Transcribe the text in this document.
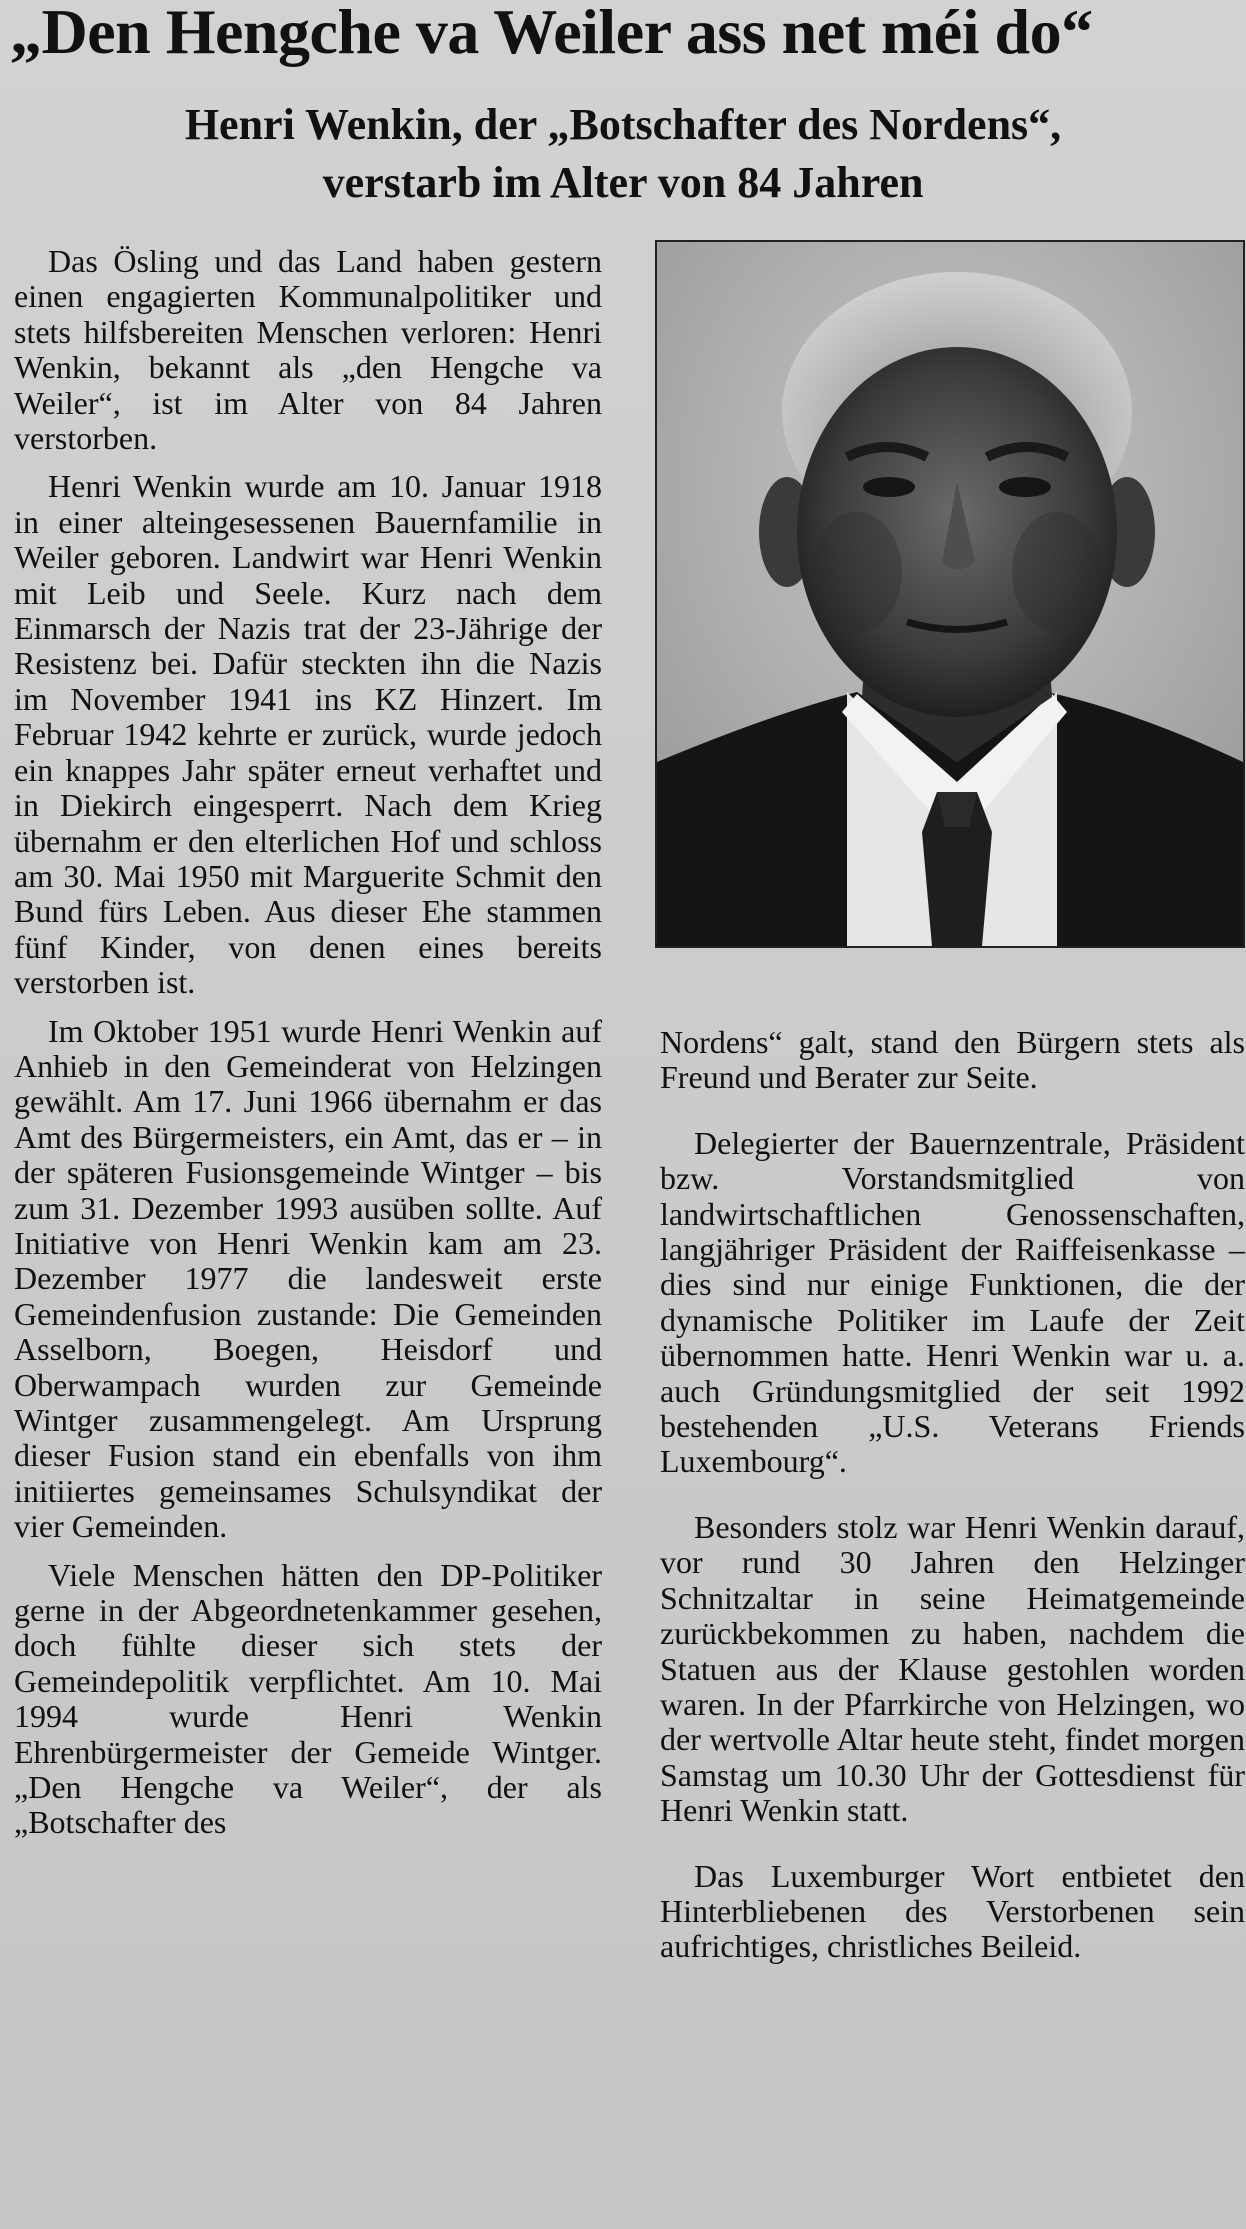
„Den Hengche va Weiler ass net méi do“
Henri Wenkin, der „Botschafter des Nordens“,
verstarb im Alter von 84 Jahren

Das Ösling und das Land haben gestern einen engagierten Kommunalpolitiker und stets hilfsbereiten Menschen verloren: Henri Wenkin, bekannt als „den Hengche va Weiler“, ist im Alter von 84 Jahren verstorben.

Henri Wenkin wurde am 10. Januar 1918 in einer alteingesessenen Bauernfamilie in Weiler geboren. Landwirt war Henri Wenkin mit Leib und Seele. Kurz nach dem Einmarsch der Nazis trat der 23-Jährige der Resistenz bei. Dafür steckten ihn die Nazis im November 1941 ins KZ Hinzert. Im Februar 1942 kehrte er zurück, wurde jedoch ein knappes Jahr später erneut verhaftet und in Diekirch eingesperrt. Nach dem Krieg übernahm er den elterlichen Hof und schloss am 30. Mai 1950 mit Marguerite Schmit den Bund fürs Leben. Aus dieser Ehe stammen fünf Kinder, von denen eines bereits verstorben ist.

Im Oktober 1951 wurde Henri Wenkin auf Anhieb in den Gemeinderat von Helzingen gewählt. Am 17. Juni 1966 übernahm er das Amt des Bürgermeisters, ein Amt, das er – in der späteren Fusionsgemeinde Wintger – bis zum 31. Dezember 1993 ausüben sollte. Auf Initiative von Henri Wenkin kam am 23. Dezember 1977 die landesweit erste Gemeindenfusion zustande: Die Gemeinden Asselborn, Boegen, Heisdorf und Oberwampach wurden zur Gemeinde Wintger zusammengelegt. Am Ursprung dieser Fusion stand ein ebenfalls von ihm initiiertes gemeinsames Schulsyndikat der vier Gemeinden.

Viele Menschen hätten den DP-Politiker gerne in der Abgeordnetenkammer gesehen, doch fühlte dieser sich stets der Gemeindepolitik verpflichtet. Am 10. Mai 1994 wurde Henri Wenkin Ehrenbürgermeister der Gemeide Wintger. „Den Hengche va Weiler“, der als „Botschafter des

Nordens“ galt, stand den Bürgern stets als Freund und Berater zur Seite.

Delegierter der Bauernzentrale, Präsident bzw. Vorstandsmitglied von landwirtschaftlichen Genossenschaften, langjähriger Präsident der Raiffeisenkasse – dies sind nur einige Funktionen, die der dynamische Politiker im Laufe der Zeit übernommen hatte. Henri Wenkin war u. a. auch Gründungsmitglied der seit 1992 bestehenden „U.S. Veterans Friends Luxembourg“.

Besonders stolz war Henri Wenkin darauf, vor rund 30 Jahren den Helzinger Schnitzaltar in seine Heimatgemeinde zurückbekommen zu haben, nachdem die Statuen aus der Klause gestohlen worden waren. In der Pfarrkirche von Helzingen, wo der wertvolle Altar heute steht, findet morgen Samstag um 10.30 Uhr der Gottesdienst für Henri Wenkin statt.

Das Luxemburger Wort entbietet den Hinterbliebenen des Verstorbenen sein aufrichtiges, christliches Beileid.
